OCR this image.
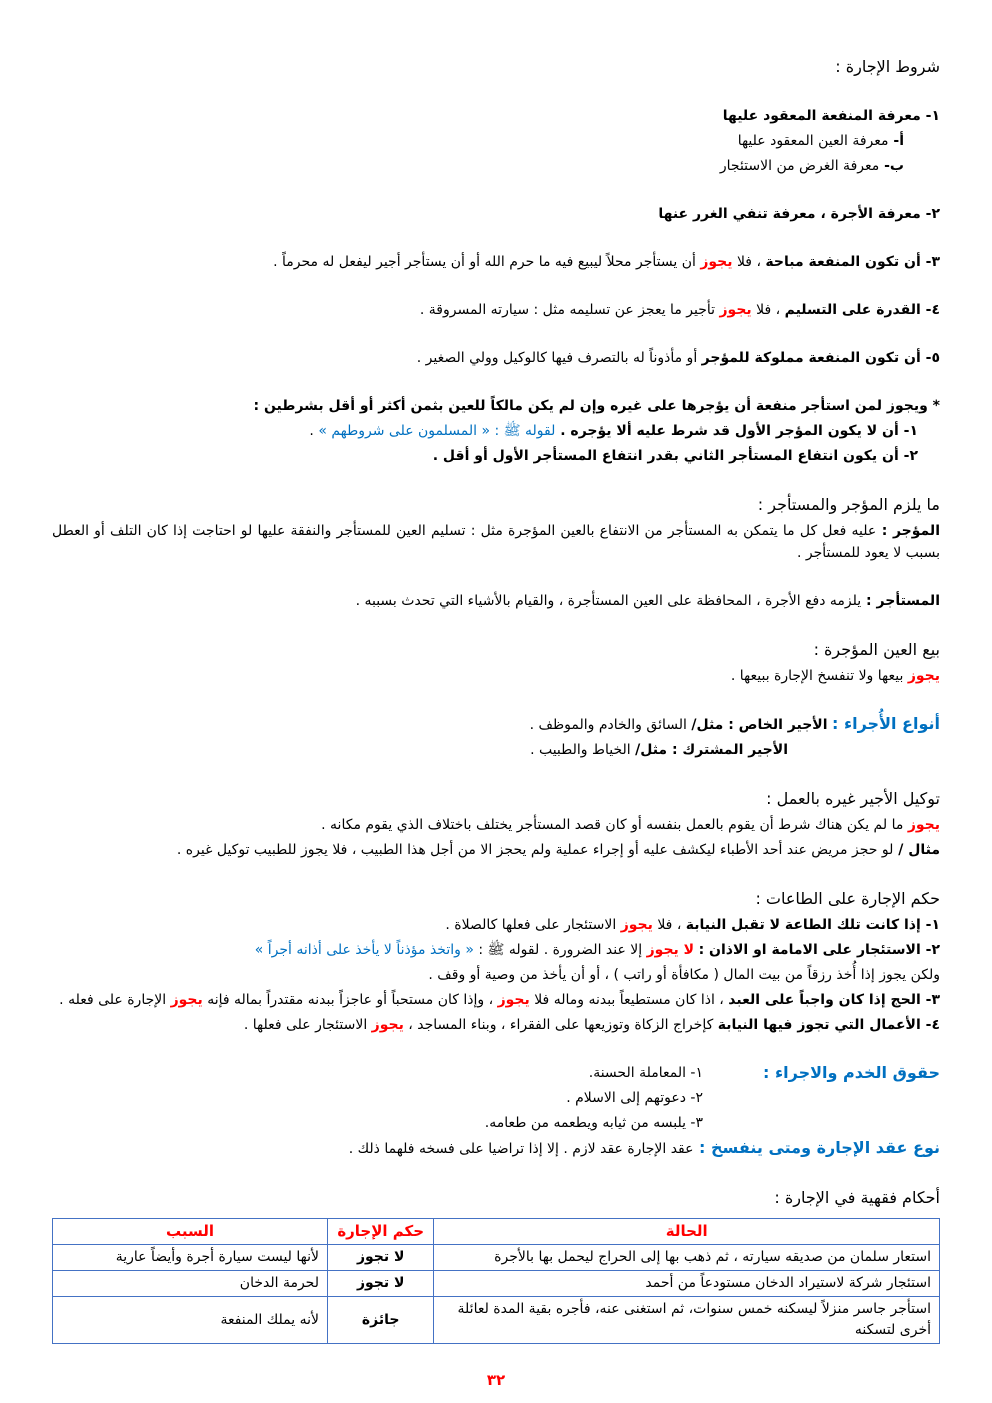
شروط الإجارة :
١- معرفة المنفعة المعقود عليها
أ- معرفة العين المعقود عليها
ب- معرفة الغرض من الاستئجار
٢- معرفة الأجرة ، معرفة تنفي الغرر عنها
٣- أن تكون المنفعة مباحة ، فلا يجوز أن يستأجر محلاً ليبيع فيه ما حرم الله أو أن يستأجر أجير ليفعل له محرماً .
٤- القدرة على التسليم ، فلا يجوز تأجير ما يعجز عن تسليمه مثل : سيارته المسروقة .
٥- أن تكون المنفعة مملوكة للمؤجر أو مأذوناً له بالتصرف فيها كالوكيل وولي الصغير .
* ويجوز لمن استأجر منفعة أن يؤجرها على غيره وإن لم يكن مالكاً للعين بثمن أكثر أو أقل بشرطين :
١- أن لا يكون المؤجر الأول قد شرط عليه ألا يؤجره . لقوله ﷺ : « المسلمون على شروطهم » .
٢- أن يكون انتفاع المستأجر الثاني بقدر انتفاع المستأجر الأول أو أقل .
ما يلزم المؤجر والمستأجر :
المؤجر : عليه فعل كل ما يتمكن به المستأجر من الانتفاع بالعين المؤجرة مثل : تسليم العين للمستأجر والنفقة عليها لو احتاجت إذا كان التلف أو العطل بسبب لا يعود للمستأجر .
المستأجر : يلزمه دفع الأجرة ، المحافظة على العين المستأجرة ، والقيام بالأشياء التي تحدث بسببه .
بيع العين المؤجرة :
يجوز بيعها ولا تنفسخ الإجارة ببيعها .
أنواع الأُجراء : الأجير الخاص : مثل/ السائق والخادم والموظف .
الأجير المشترك : مثل/ الخياط والطبيب .
توكيل الأجير غيره بالعمل :
يجوز ما لم يكن هناك شرط أن يقوم بالعمل بنفسه أو كان قصد المستأجر يختلف باختلاف الذي يقوم مكانه .
مثال / لو حجز مريض عند أحد الأطباء ليكشف عليه أو إجراء عملية ولم يحجز الا من أجل هذا الطبيب ، فلا يجوز للطبيب توكيل غيره .
حكم الإجارة على الطاعات :
١- إذا كانت تلك الطاعة لا تقبل النيابة ، فلا يجوز الاستئجار على فعلها كالصلاة .
٢- الاستئجار على الامامة او الاذان : لا يجوز إلا عند الضرورة . لقوله ﷺ : « واتخذ مؤذناً لا يأخذ على أذانه أجراً »
ولكن يجوز إذا أُخذ رزقاً من بيت المال ( مكافأة أو راتب ) ، أو أن يأخذ من وصية أو وقف .
٣- الحج إذا كان واجباً على العبد ، اذا كان مستطيعاً ببدنه وماله فلا يجوز ، وإذا كان مستحباً أو عاجزاً ببدنه مقتدراً بماله فإنه يجوز الإجارة على فعله .
٤- الأعمال التي تجوز فيها النيابة كإخراج الزكاة وتوزيعها على الفقراء ، وبناء المساجد ، يجوز الاستئجار على فعلها .
حقوق الخدم والاجراء :
١- المعاملة الحسنة.
٢- دعوتهم إلى الاسلام .
٣- يلبسه من ثيابه ويطعمه من طعامه.
نوع عقد الإجارة ومتى ينفسخ : عقد الإجارة عقد لازم . إلا إذا تراضيا على فسخه فلهما ذلك .
أحكام فقهية في الإجارة :
الحالة	حكم الإجارة	السبب
استعار سلمان من صديقه سيارته ، ثم ذهب بها إلى الحراج ليحمل بها بالأجرة	لا تجوز	لأنها ليست سيارة أجرة وأيضاً عارية
استئجار شركة لاستيراد الدخان مستودعاً من أحمد	لا تجوز	لحرمة الدخان
استأجر جاسر منزلاً ليسكنه خمس سنوات، ثم استغنى عنه، فأجره بقية المدة لعائلة أخرى لتسكنه	جائزة	لأنه يملك المنفعة
٣٢
